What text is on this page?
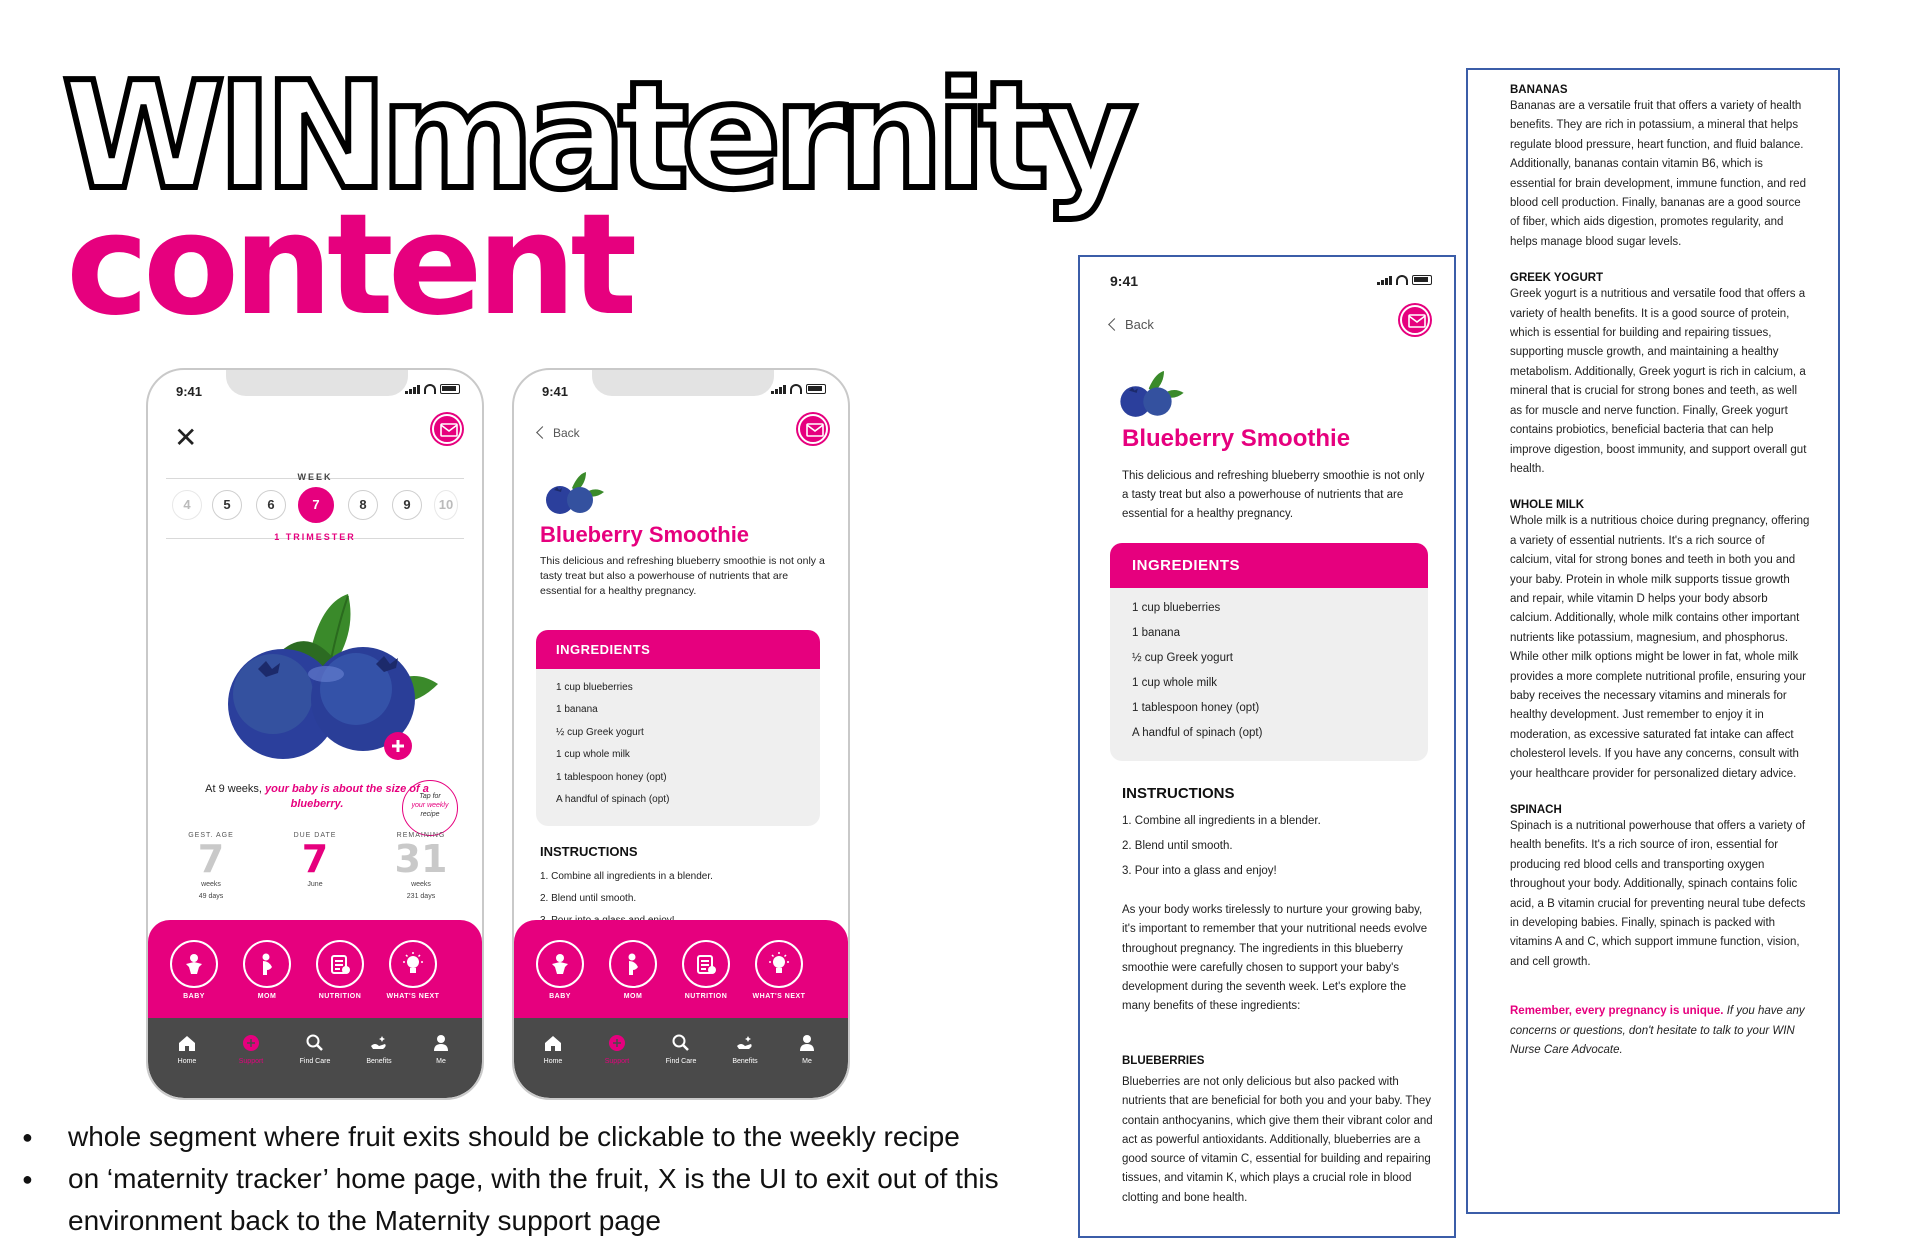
WINmaternity
content
9:41
✕
WEEK
4	5	6	7	8	9	10
1 TRIMESTER
Tap for
your weekly
recipe
At 9 weeks, your baby is about the size of a blueberry.
GEST. AGE
7
weeks
49 days
DUE DATE
7
June
REMAINING
31
weeks
231 days
BABY	MOM	NUTRITION	WHAT'S NEXT
Home	Support	Find Care	Benefits	Me
9:41
Back
Blueberry Smoothie
This delicious and refreshing blueberry smoothie is not only a tasty treat but also a powerhouse of nutrients that are essential for a healthy pregnancy.
INGREDIENTS
1 cup blueberries
1 banana
½ cup Greek yogurt
1 cup whole milk
1 tablespoon honey (opt)
A handful of spinach (opt)
INSTRUCTIONS
1. Combine all ingredients in a blender.
2. Blend until smooth.
BABY	MOM	NUTRITION	WHAT'S NEXT
Home	Support	Find Care	Benefits	Me
● whole segment where fruit exits should be clickable to the weekly recipe
● on ‘maternity tracker’ home page, with the fruit, X is the UI to exit out of this environment back to the Maternity support page
9:41
Back
Blueberry Smoothie
This delicious and refreshing blueberry smoothie is not only a tasty treat but also a powerhouse of nutrients that are essential for a healthy pregnancy.
INGREDIENTS
1 cup blueberries
1 banana
½ cup Greek yogurt
1 cup whole milk
1 tablespoon honey (opt)
A handful of spinach (opt)
INSTRUCTIONS
1. Combine all ingredients in a blender.
2. Blend until smooth.
3. Pour into a glass and enjoy!
As your body works tirelessly to nurture your growing baby, it's important to remember that your nutritional needs evolve throughout pregnancy. The ingredients in this blueberry smoothie were carefully chosen to support your baby's development during the seventh week. Let's explore the many benefits of these ingredients:
BLUEBERRIES
Blueberries are not only delicious but also packed with nutrients that are beneficial for both you and your baby. They contain anthocyanins, which give them their vibrant color and act as powerful antioxidants. Additionally, blueberries are a good source of vitamin C, essential for building and repairing tissues, and vitamin K, which plays a crucial role in blood clotting and bone health.
BANANAS
Bananas are a versatile fruit that offers a variety of health benefits. They are rich in potassium, a mineral that helps regulate blood pressure, heart function, and fluid balance. Additionally, bananas contain vitamin B6, which is essential for brain development, immune function, and red blood cell production. Finally, bananas are a good source of fiber, which aids digestion, promotes regularity, and helps manage blood sugar levels.
GREEK YOGURT
Greek yogurt is a nutritious and versatile food that offers a variety of health benefits. It is a good source of protein, which is essential for building and repairing tissues, supporting muscle growth, and maintaining a healthy metabolism. Additionally, Greek yogurt is rich in calcium, a mineral that is crucial for strong bones and teeth, as well as for muscle and nerve function. Finally, Greek yogurt contains probiotics, beneficial bacteria that can help improve digestion, boost immunity, and support overall gut health.
WHOLE MILK
Whole milk is a nutritious choice during pregnancy, offering a variety of essential nutrients. It's a rich source of calcium, vital for strong bones and teeth in both you and your baby. Protein in whole milk supports tissue growth and repair, while vitamin D helps your body absorb calcium. Additionally, whole milk contains other important nutrients like potassium, magnesium, and phosphorus. While other milk options might be lower in fat, whole milk provides a more complete nutritional profile, ensuring your baby receives the necessary vitamins and minerals for healthy development. Just remember to enjoy it in moderation, as excessive saturated fat intake can affect cholesterol levels. If you have any concerns, consult with your healthcare provider for personalized dietary advice.
SPINACH
Spinach is a nutritional powerhouse that offers a variety of health benefits. It's a rich source of iron, essential for producing red blood cells and transporting oxygen throughout your body. Additionally, spinach contains folic acid, a B vitamin crucial for preventing neural tube defects in developing babies. Finally, spinach is packed with vitamins A and C, which support immune function, vision, and cell growth.
Remember, every pregnancy is unique. If you have any concerns or questions, don't hesitate to talk to your WIN Nurse Care Advocate.
